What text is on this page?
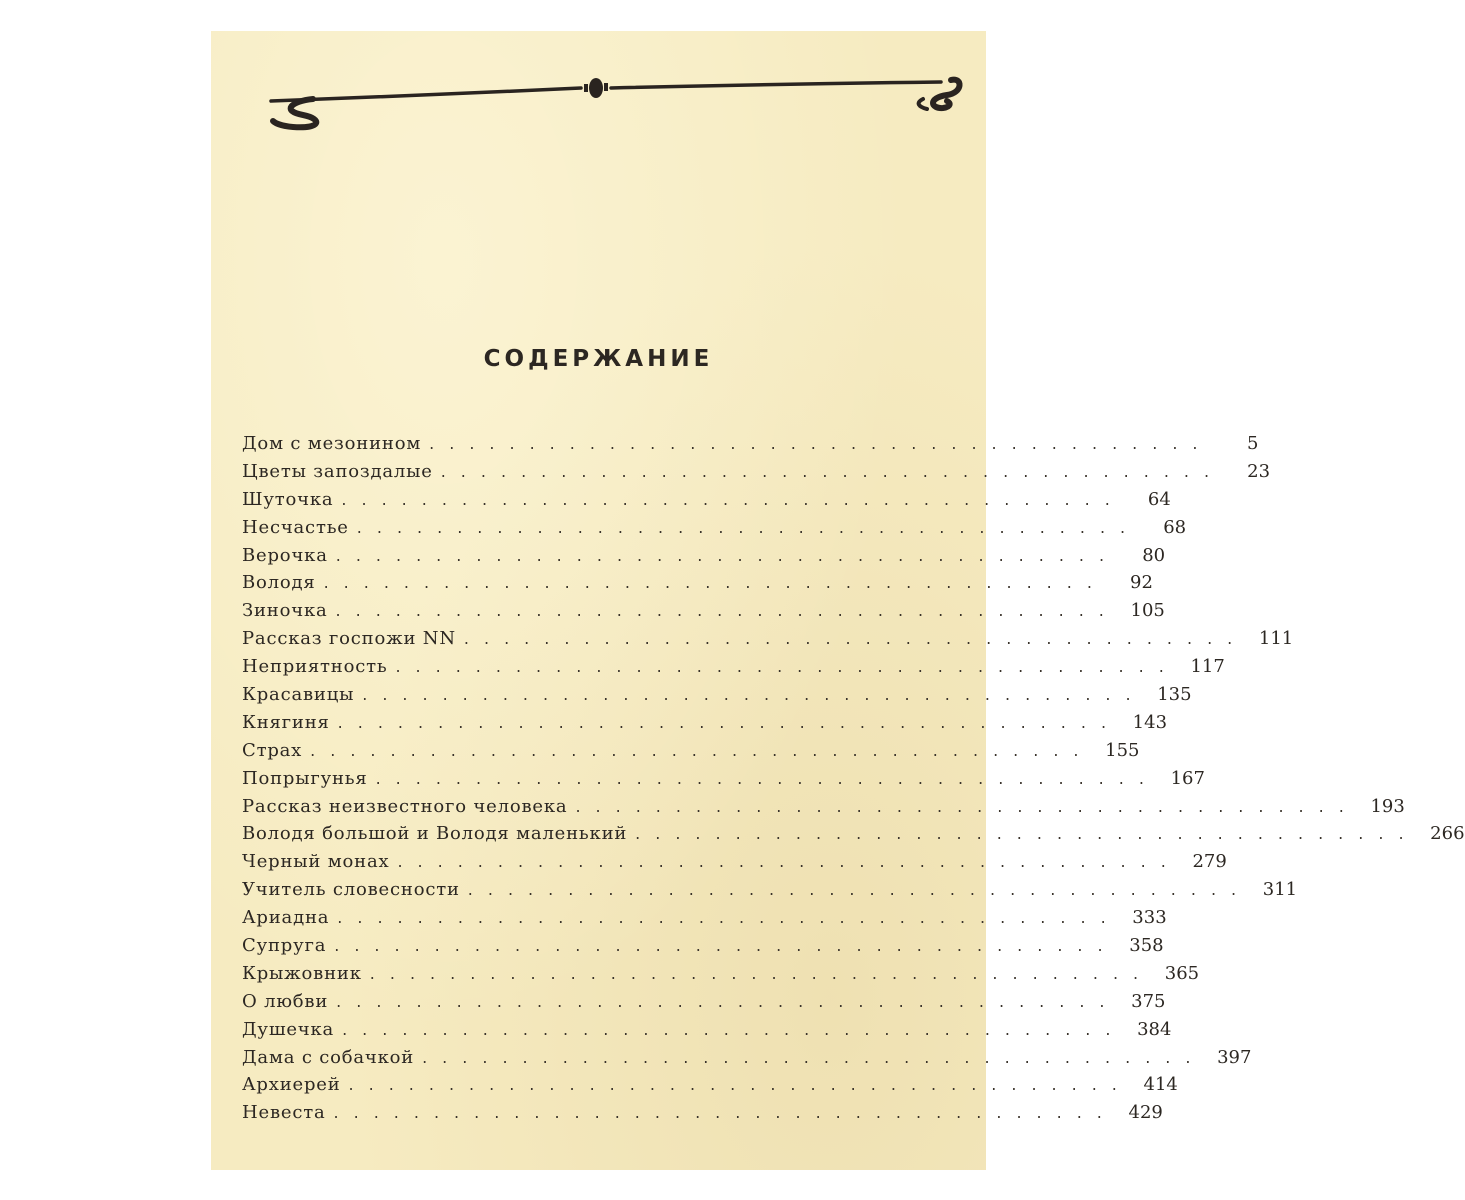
СОДЕРЖАНИЕ
Дом с мезонином .......................................	5
Цветы запоздалые .......................................	23
Шуточка .......................................	64
Несчастье .......................................	68
Верочка .......................................	80
Володя .......................................	92
Зиночка ....................................... 105
Рассказ госпожи NN ....................................... 111
Неприятность ....................................... 117
Красавицы ....................................... 135
Княгиня ....................................... 143
Страх ....................................... 155
Попрыгунья ....................................... 167
Рассказ неизвестного человека ....................................... 193
Володя большой и Володя маленький ....................................... 266
Черный монах ....................................... 279
Учитель словесности ....................................... 311
Ариадна ....................................... 333
Супруга ....................................... 358
Крыжовник ....................................... 365
О любви ....................................... 375
Душечка ....................................... 384
Дама с собачкой ....................................... 397
Архиерей ....................................... 414
Невеста ....................................... 429
